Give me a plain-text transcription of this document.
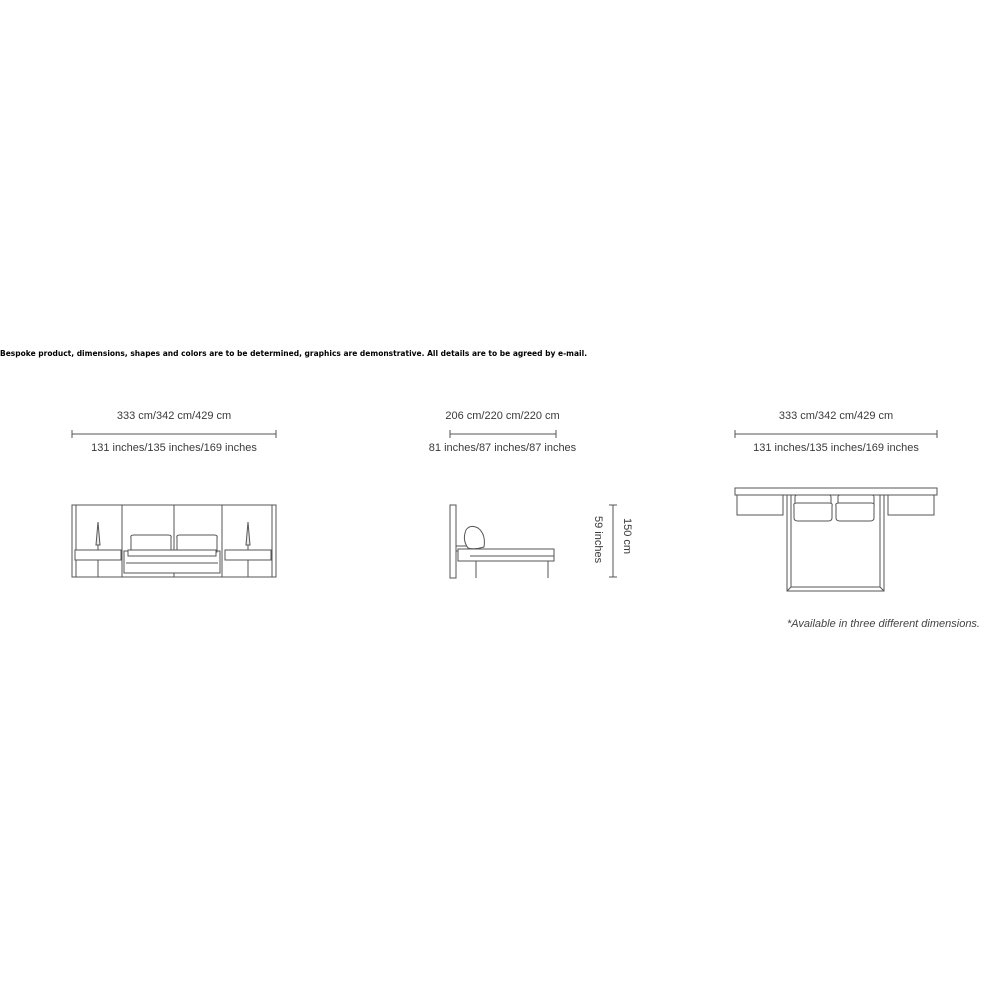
Bespoke product, dimensions, shapes and colors are to be determined, graphics are demonstrative. All details are to be agreed by e-mail.
333 cm/342 cm/429 cm
131 inches/135 inches/169 inches
206 cm/220 cm/220 cm
81 inches/87 inches/87 inches
150 cm
59 inches
333 cm/342 cm/429 cm
131 inches/135 inches/169 inches
*Available in three different dimensions.
